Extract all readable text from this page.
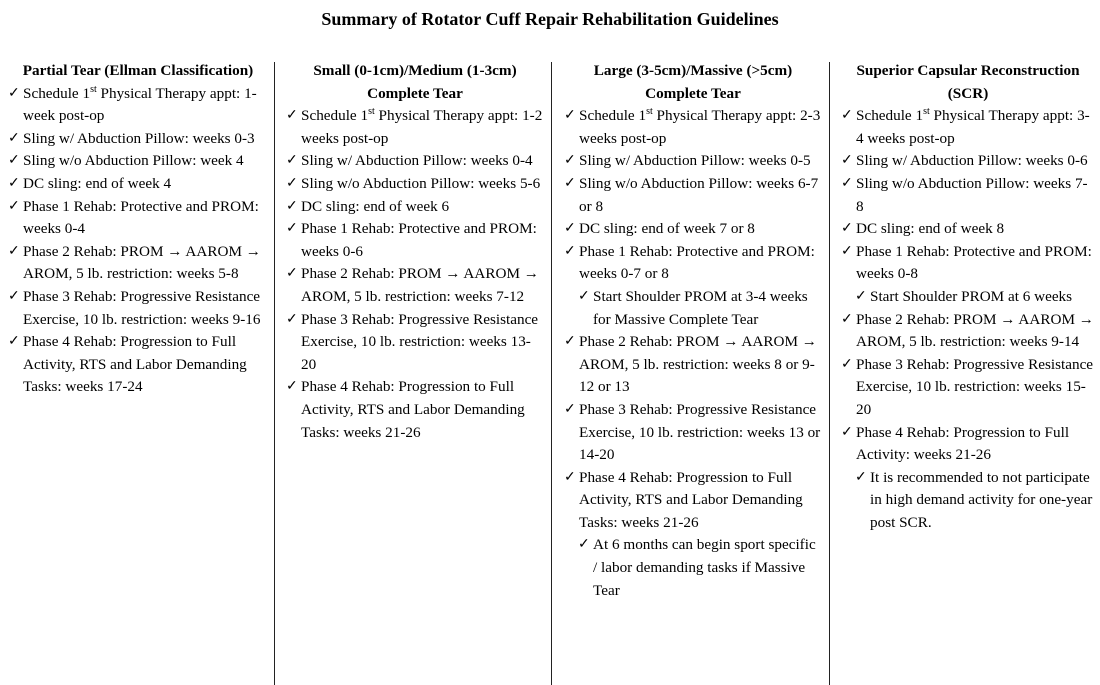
Summary of Rotator Cuff Repair Rehabilitation Guidelines
Partial Tear (Ellman Classification)
✓ Schedule 1st Physical Therapy appt: 1-week post-op
✓ Sling w/ Abduction Pillow: weeks 0-3
✓ Sling w/o Abduction Pillow: week 4
✓ DC sling: end of week 4
✓ Phase 1 Rehab: Protective and PROM: weeks 0-4
✓ Phase 2 Rehab: PROM → AAROM → AROM, 5 lb. restriction: weeks 5-8
✓ Phase 3 Rehab: Progressive Resistance Exercise, 10 lb. restriction: weeks 9-16
✓ Phase 4 Rehab: Progression to Full Activity, RTS and Labor Demanding Tasks: weeks 17-24
Small (0-1cm)/Medium (1-3cm)
Complete Tear
✓ Schedule 1st Physical Therapy appt: 1-2 weeks post-op
✓ Sling w/ Abduction Pillow: weeks 0-4
✓ Sling w/o Abduction Pillow: weeks 5-6
✓ DC sling: end of week 6
✓ Phase 1 Rehab: Protective and PROM: weeks 0-6
✓ Phase 2 Rehab: PROM → AAROM → AROM, 5 lb. restriction: weeks 7-12
✓ Phase 3 Rehab: Progressive Resistance Exercise, 10 lb. restriction: weeks 13-20
✓ Phase 4 Rehab: Progression to Full Activity, RTS and Labor Demanding Tasks: weeks 21-26
Large (3-5cm)/Massive (>5cm)
Complete Tear
✓ Schedule 1st Physical Therapy appt: 2-3 weeks post-op
✓ Sling w/ Abduction Pillow: weeks 0-5
✓ Sling w/o Abduction Pillow: weeks 6-7 or 8
✓ DC sling: end of week 7 or 8
✓ Phase 1 Rehab: Protective and PROM: weeks 0-7 or 8
✓ Start Shoulder PROM at 3-4 weeks for Massive Complete Tear
✓ Phase 2 Rehab: PROM → AAROM → AROM, 5 lb. restriction: weeks 8 or 9-12 or 13
✓ Phase 3 Rehab: Progressive Resistance Exercise, 10 lb. restriction: weeks 13 or 14-20
✓ Phase 4 Rehab: Progression to Full Activity, RTS and Labor Demanding Tasks: weeks 21-26
✓ At 6 months can begin sport specific / labor demanding tasks if Massive Tear
Superior Capsular Reconstruction
(SCR)
✓ Schedule 1st Physical Therapy appt: 3-4 weeks post-op
✓ Sling w/ Abduction Pillow: weeks 0-6
✓ Sling w/o Abduction Pillow: weeks 7-8
✓ DC sling: end of week 8
✓ Phase 1 Rehab: Protective and PROM: weeks 0-8
✓ Start Shoulder PROM at 6 weeks
✓ Phase 2 Rehab: PROM → AAROM → AROM, 5 lb. restriction: weeks 9-14
✓ Phase 3 Rehab: Progressive Resistance Exercise, 10 lb. restriction: weeks 15-20
✓ Phase 4 Rehab: Progression to Full Activity: weeks 21-26
✓ It is recommended to not participate in high demand activity for one-year post SCR.
